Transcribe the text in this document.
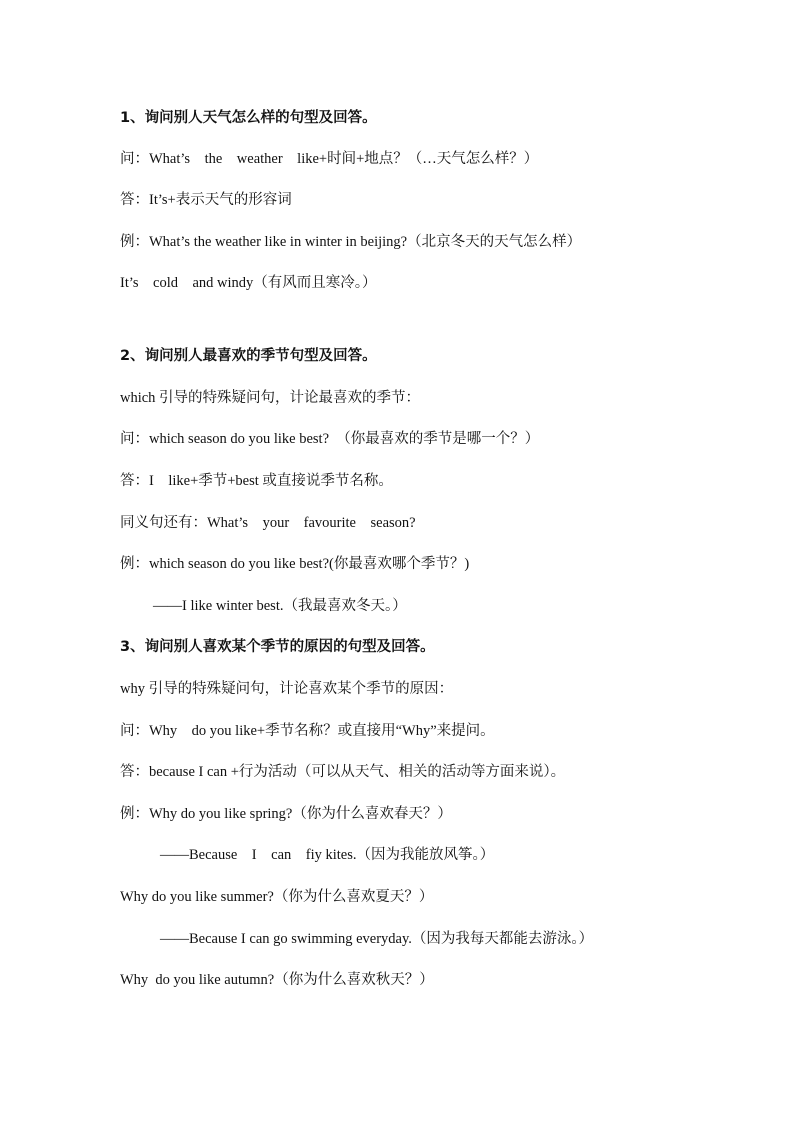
1、询问别人天气怎么样的句型及回答。
问：What’s    the    weather    like+时间+地点？（…天气怎么样？）
答：It’s+表示天气的形容词
例：What’s the weather like in winter in beijing?（北京冬天的天气怎么样）
It’s    cold    and windy（有风而且寒冷。）
2、询问别人最喜欢的季节句型及回答。
which 引导的特殊疑问句，计论最喜欢的季节：
问：which season do you like best?  （你最喜欢的季节是哪一个？）
答：I    like+季节+best 或直接说季节名称。
同义句还有：What’s    your    favourite    season?
例：which season do you like best?(你最喜欢哪个季节？)
——I like winter best.（我最喜欢冬天。）
3、询问别人喜欢某个季节的原因的句型及回答。
why 引导的特殊疑问句，计论喜欢某个季节的原因：
问：Why    do you like+季节名称？或直接用“Why”来提问。
答：because I can +行为活动（可以从天气、相关的活动等方面来说）。
例：Why do you like spring?（你为什么喜欢春天？）
——Because    I    can    fiy kites.（因为我能放风筝。）
Why do you like summer?（你为什么喜欢夏天？）
——Because I can go swimming everyday.（因为我每天都能去游泳。）
Why  do you like autumn?（你为什么喜欢秋天？）
